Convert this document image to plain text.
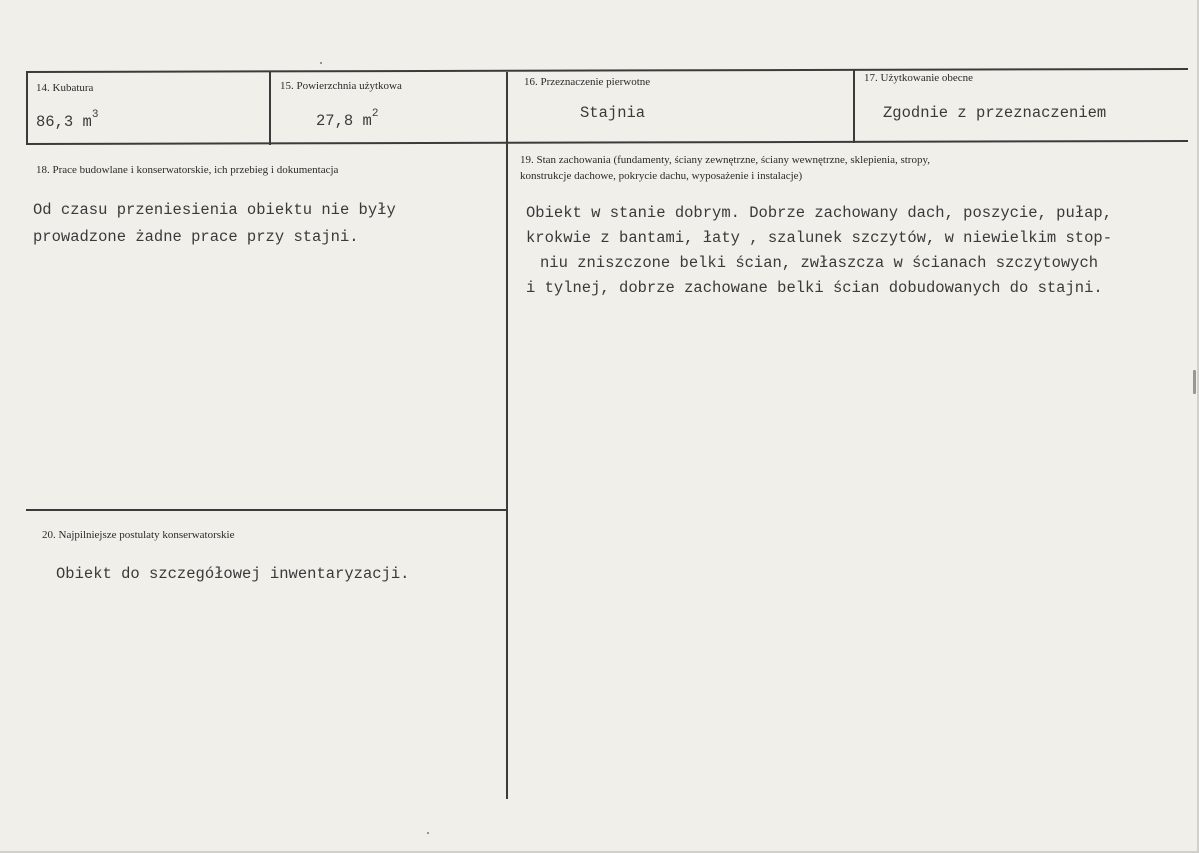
14. Kubatura
86,3 $m^3$
15. Powierzchnia użytkowa
27,8 $m^2$
16. Przeznaczenie pierwotne
Stajnia
17. Użytkowanie obecne
Zgodnie z przeznaczeniem
18. Prace budowlane i konserwatorskie, ich przebieg i dokumentacja
Od czasu przeniesienia obiektu nie były
prowadzone żadne prace przy stajni.
19. Stan zachowania (fundamenty, ściany zewnętrzne, ściany wewnętrzne, sklepienia, stropy,
konstrukcje dachowe, pokrycie dachu, wyposażenie i instalacje)
Obiekt w stanie dobrym. Dobrze zachowany dach, poszycie, pułap,
krokwie z bantami, łaty , szalunek szczytów, w niewielkim stop-
niu zniszczone belki ścian, zwłaszcza w ścianach szczytowych
i tylnej, dobrze zachowane belki ścian dobudowanych do stajni.
20. Najpilniejsze postulaty konserwatorskie
Obiekt do szczegółowej inwentaryzacji.
